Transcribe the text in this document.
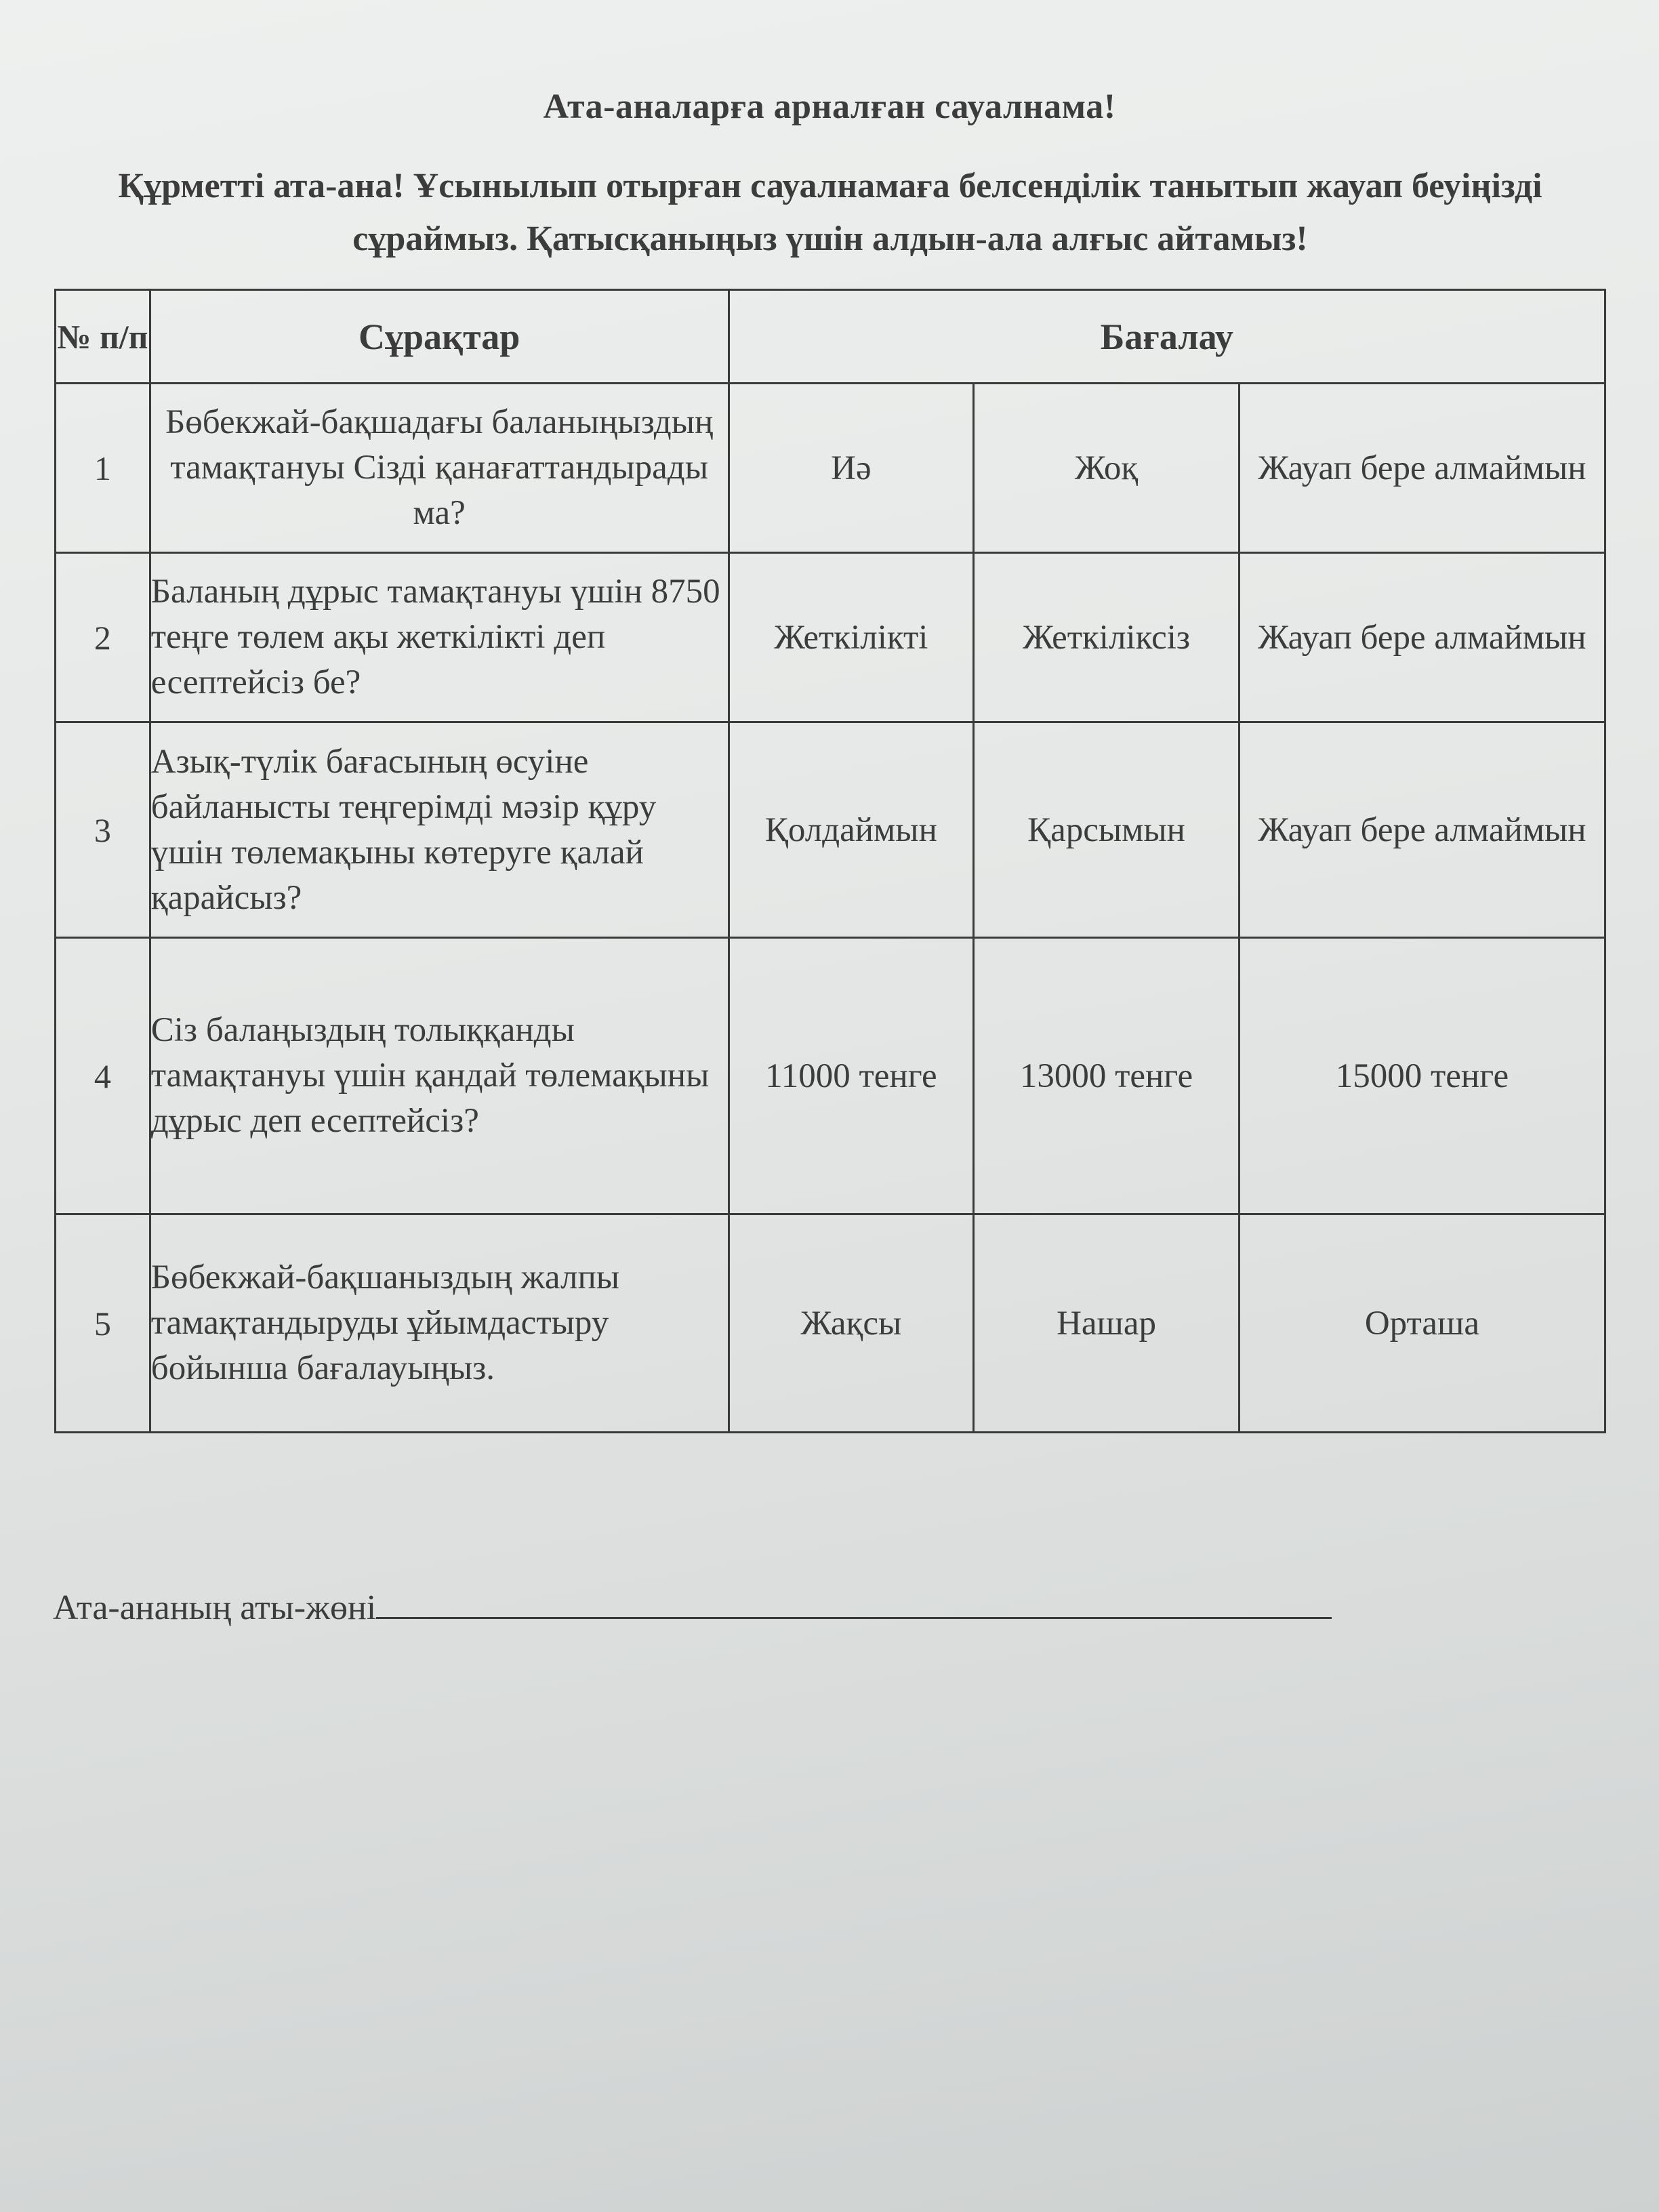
Ата-аналарға арналған сауалнама!
Құрметті ата-ана! Ұсынылып отырған сауалнамаға белсенділік танытып жауап беуіңізді сұраймыз. Қатысқаныңыз үшін алдын-ала алғыс айтамыз!
№ п/п	Сұрақтар	Бағалау		
1	Бөбекжай-бақшадағы баланыңыздың тамақтануы Сізді қанағаттандырады ма?	Иә	Жоқ	Жауап бере алмаймын
2	Баланың дұрыс тамақтануы үшін 8750 теңге төлем ақы жеткілікті деп есептейсіз бе?	Жеткілікті	Жеткіліксіз	Жауап бере алмаймын
3	Азық-түлік бағасының өсуіне байланысты теңгерімді мәзір құру үшін төлемақыны көтеруге қалай қарайсыз?	Қолдаймын	Қарсымын	Жауап бере алмаймын
4	Сіз балаңыздың толыққанды тамақтануы үшін қандай төлемақыны дұрыс деп есептейсіз?	11000 тенге	13000 тенге	15000 тенге
5	Бөбекжай-бақшаныздың жалпы тамақтандыруды ұйымдастыру бойынша бағалауыңыз.	Жақсы	Нашар	Орташа
Ата-ананың аты-жөні
